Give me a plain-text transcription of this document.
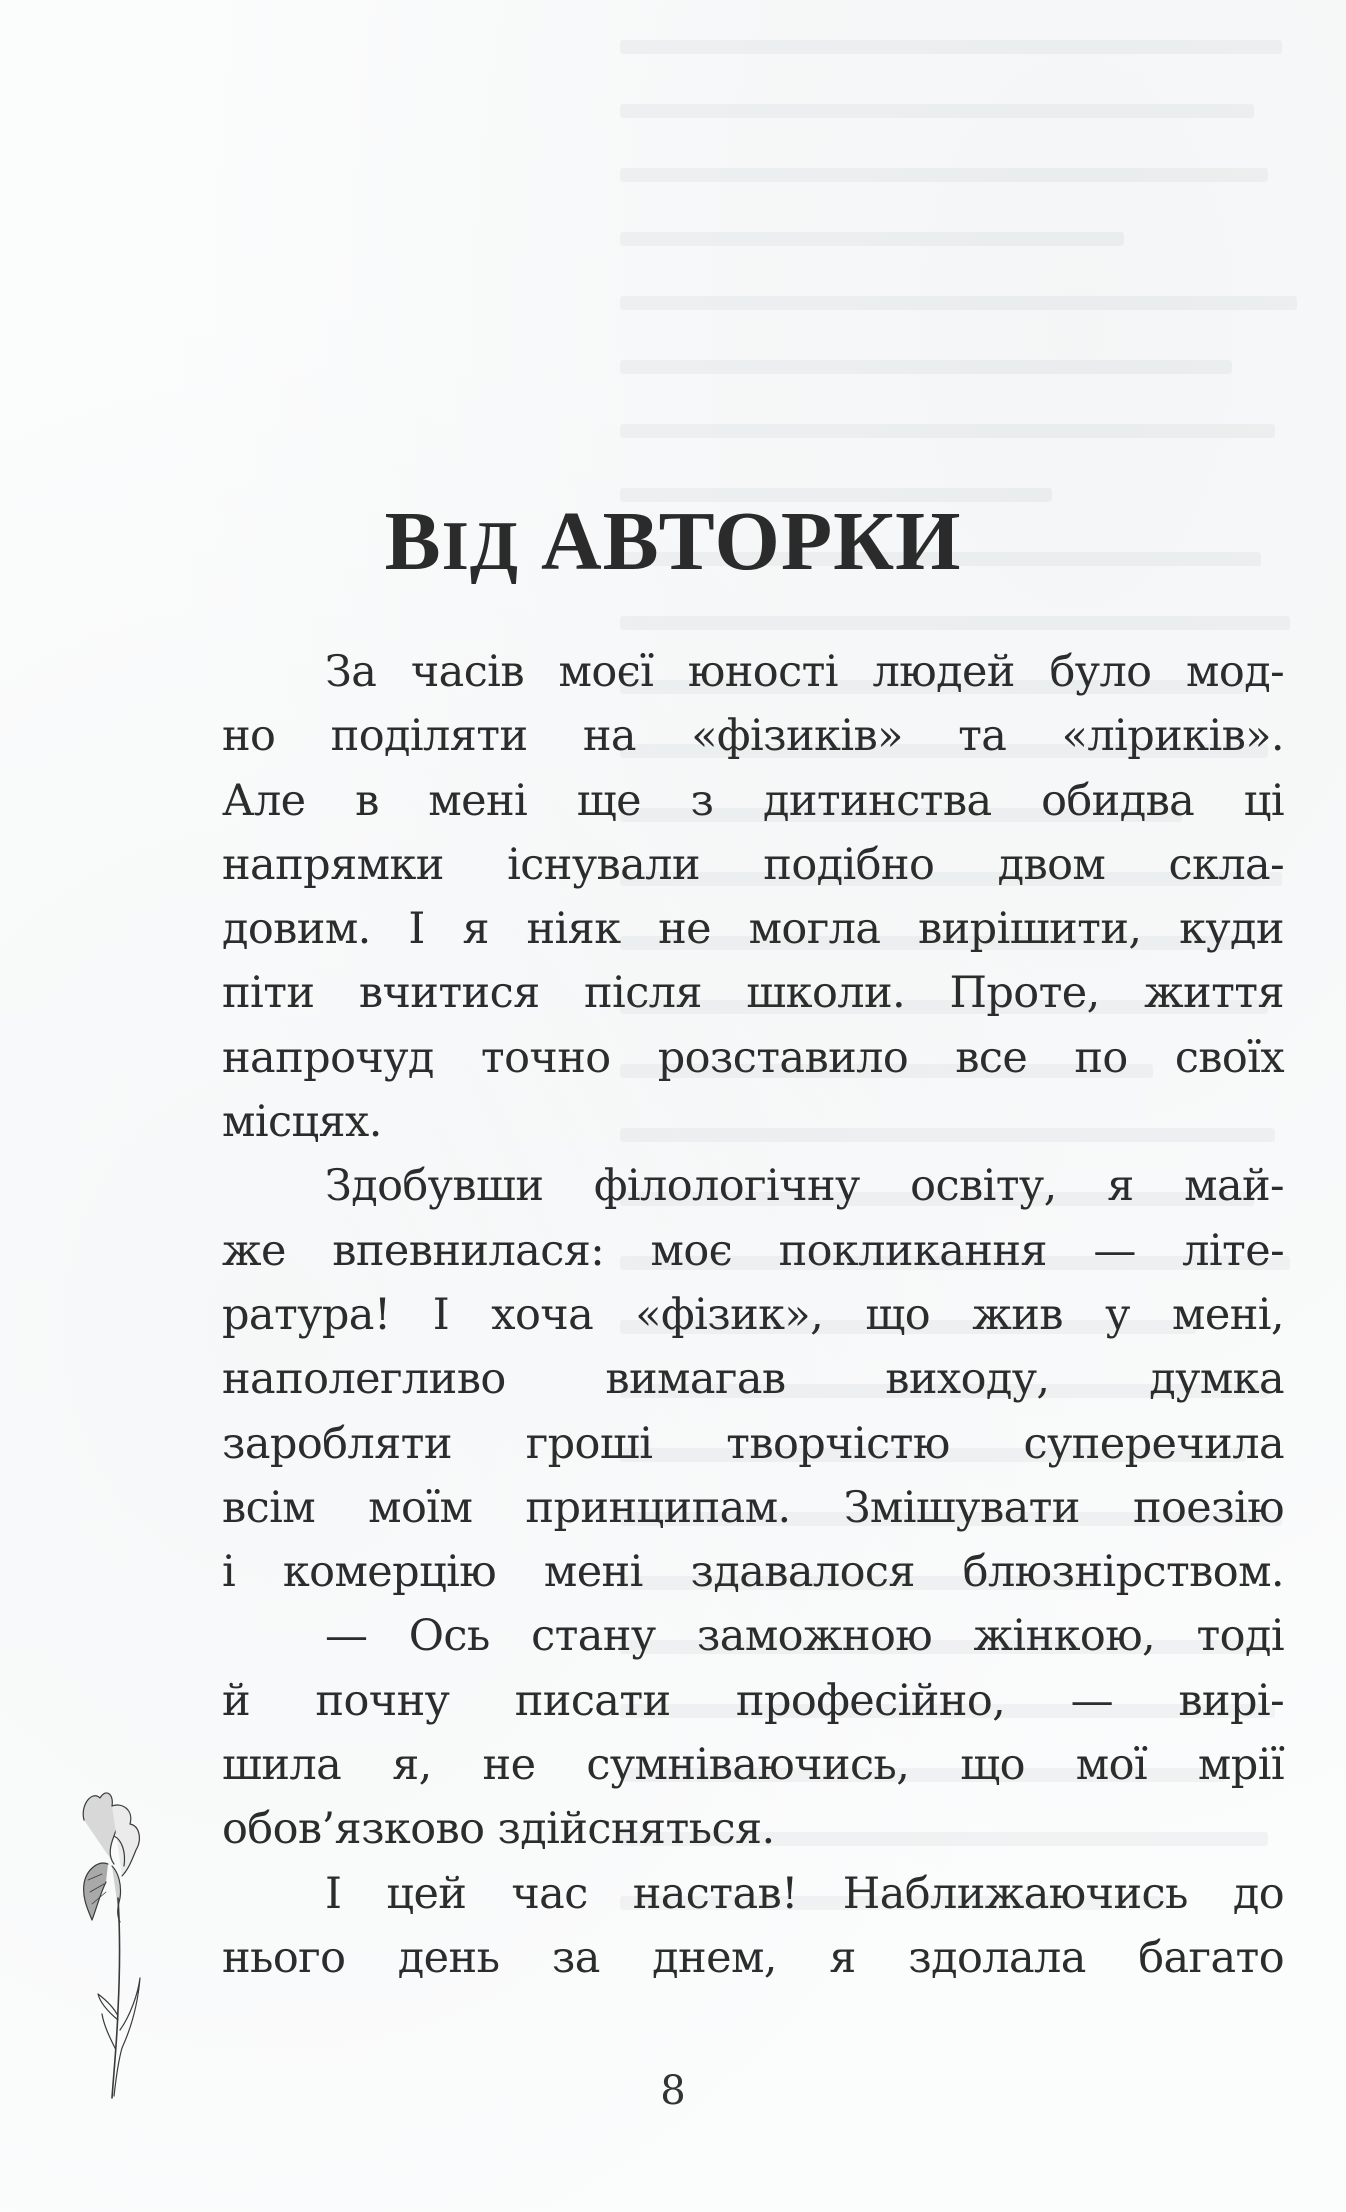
ВІД АВТОРКИ
За часів моєї юності людей було мод-
но поділяти на «фізиків» та «ліриків».
Але в мені ще з дитинства обидва ці
напрямки існували подібно двом скла-
довим. І я ніяк не могла вирішити, куди
піти вчитися після школи. Проте, життя
напрочуд точно розставило все по своїх
місцях.
Здобувши філологічну освіту, я май-
же впевнилася: моє покликання — літе-
ратура! І хоча «фізик», що жив у мені,
наполегливо вимагав виходу, думка
заробляти гроші творчістю суперечила
всім моїм принципам. Змішувати поезію
і комерцію мені здавалося блюзнірством.
— Ось стану заможною жінкою, тоді
й почну писати професійно, — вирі-
шила я, не сумніваючись, що мої мрії
обов’язково здійсняться.
І цей час настав! Наближаючись до
нього день за днем, я здолала багато
8
